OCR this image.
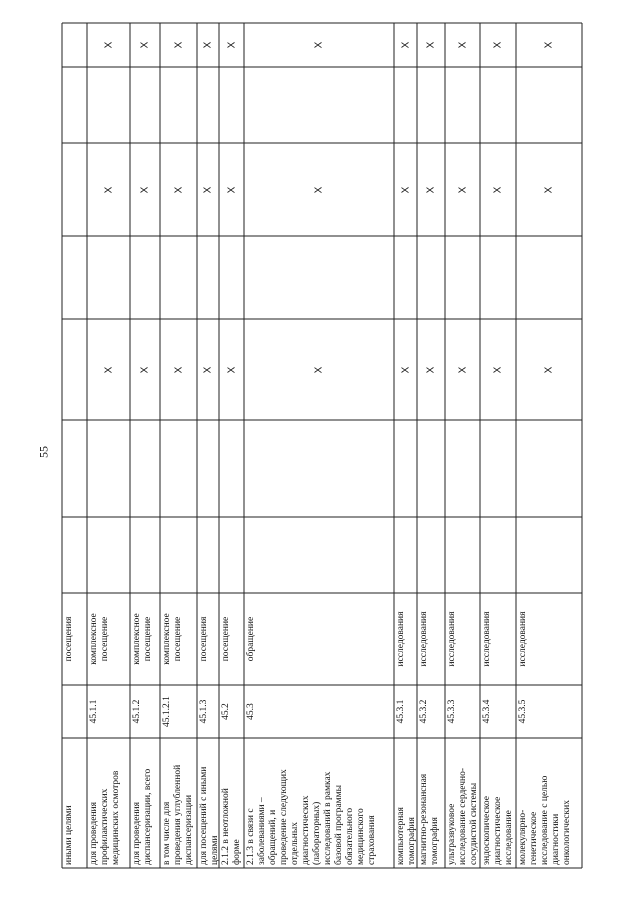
55
иными целями
посещения
для проведения
профилактических
медицинских осмотров
45.1.1
комплексное
посещение
X
X
X
для проведения
диспансеризации, всего
45.1.2
комплексное
посещение
X
X
X
в том числе для
проведения углубленной
диспансеризации
45.1.2.1
комплексное
посещение
X
X
X
для посещений с иными
целями
45.1.3
посещения
X
X
X
2.1.2 в неотложной
форме
45.2
посещение
X
X
X
2.1.3 в связи с
заболеваниями –
обращений, и
проведение следующих
отдельных
диагностических
(лабораторных)
исследований в рамках
базовой программы
обязательного
медицинского
страхования
45.3
обращение
X
X
X
компьютерная
томография
45.3.1
исследования
X
X
X
магнитно-резонансная
томография
45.3.2
исследования
X
X
X
ультразвуковое
исследование сердечно-
сосудистой системы
45.3.3
исследования
X
X
X
эндоскопическое
диагностическое
исследование
45.3.4
исследования
X
X
X
молекулярно-
генетическое
исследование с целью
диагностики
онкологических
45.3.5
исследования
X
X
X
